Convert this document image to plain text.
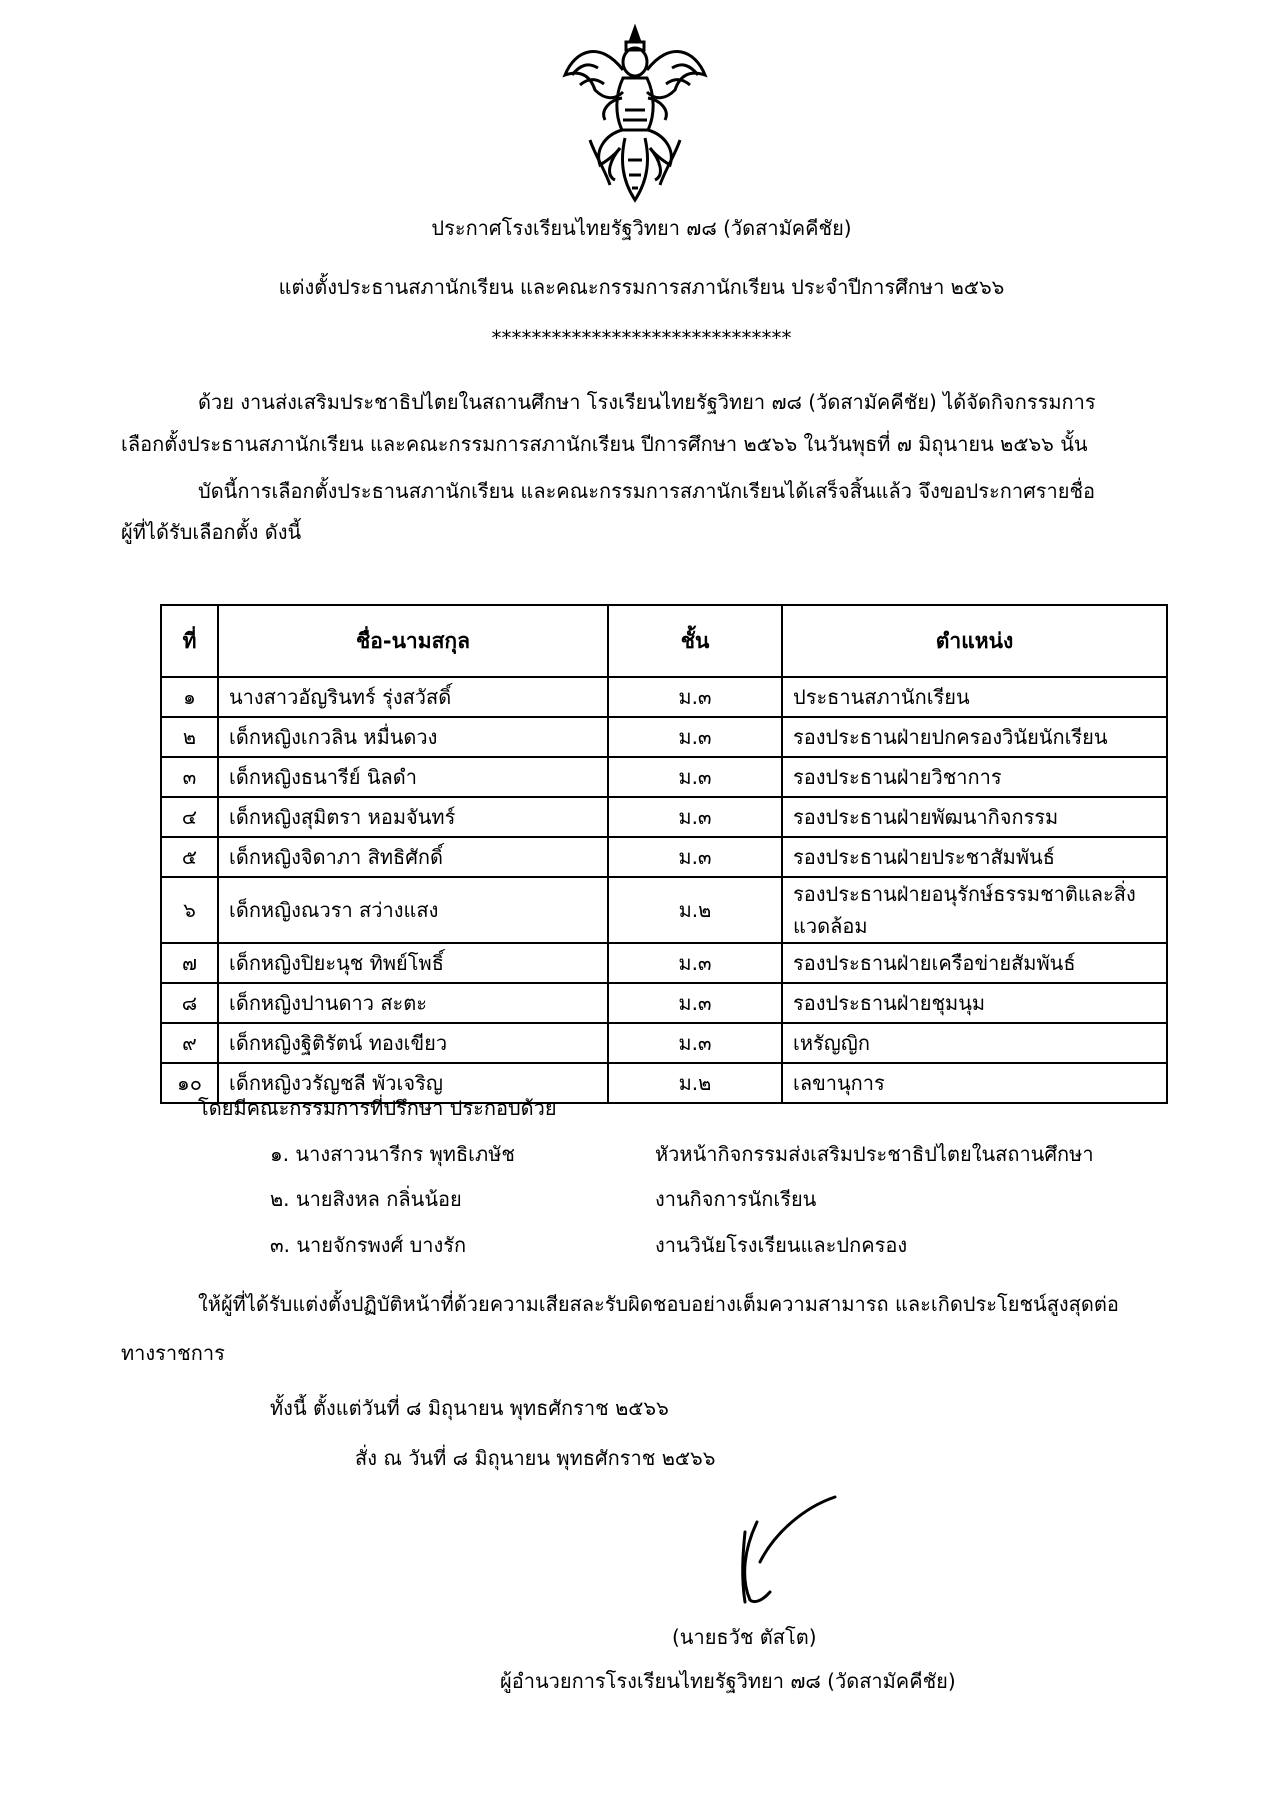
ประกาศโรงเรียนไทยรัฐวิทยา ๗๘ (วัดสามัคคีชัย)
แต่งตั้งประธานสภานักเรียน และคณะกรรมการสภานักเรียน ประจำปีการศึกษา ๒๕๖๖
******************************
ด้วย งานส่งเสริมประชาธิปไตยในสถานศึกษา โรงเรียนไทยรัฐวิทยา ๗๘ (วัดสามัคคีชัย) ได้จัดกิจกรรมการ
เลือกตั้งประธานสภานักเรียน และคณะกรรมการสภานักเรียน ปีการศึกษา ๒๕๖๖ ในวันพุธที่ ๗ มิถุนายน ๒๕๖๖ นั้น
บัดนี้การเลือกตั้งประธานสภานักเรียน และคณะกรรมการสภานักเรียนได้เสร็จสิ้นแล้ว จึงขอประกาศรายชื่อ
ผู้ที่ได้รับเลือกตั้ง ดังนี้
ที่	ชื่อ-นามสกุล	ชั้น	ตำแหน่ง
๑	นางสาวอัญรินทร์ รุ่งสวัสดิ์	ม.๓	ประธานสภานักเรียน
๒	เด็กหญิงเกวลิน หมื่นดวง	ม.๓	รองประธานฝ่ายปกครองวินัยนักเรียน
๓	เด็กหญิงธนารีย์ นิลดำ	ม.๓	รองประธานฝ่ายวิชาการ
๔	เด็กหญิงสุมิตรา หอมจันทร์	ม.๓	รองประธานฝ่ายพัฒนากิจกรรม
๕	เด็กหญิงจิดาภา สิทธิศักดิ์	ม.๓	รองประธานฝ่ายประชาสัมพันธ์
๖	เด็กหญิงณวรา สว่างแสง	ม.๒	รองประธานฝ่ายอนุรักษ์ธรรมชาติและสิ่งแวดล้อม
๗	เด็กหญิงปิยะนุช ทิพย์โพธิ์	ม.๓	รองประธานฝ่ายเครือข่ายสัมพันธ์
๘	เด็กหญิงปานดาว สะตะ	ม.๓	รองประธานฝ่ายชุมนุม
๙	เด็กหญิงฐิติรัตน์ ทองเขียว	ม.๓	เหรัญญิก
๑๐	เด็กหญิงวรัญชลี พัวเจริญ	ม.๒	เลขานุการ
โดยมีคณะกรรมการที่ปรึกษา ประกอบด้วย
๑. นางสาวนารีกร พุทธิเภษัช	หัวหน้ากิจกรรมส่งเสริมประชาธิปไตยในสถานศึกษา
๒. นายสิงหล กลิ่นน้อย	งานกิจการนักเรียน
๓. นายจักรพงศ์ บางรัก	งานวินัยโรงเรียนและปกครอง
ให้ผู้ที่ได้รับแต่งตั้งปฏิบัติหน้าที่ด้วยความเสียสละรับผิดชอบอย่างเต็มความสามารถ และเกิดประโยชน์สูงสุดต่อ
ทางราชการ
ทั้งนี้ ตั้งแต่วันที่ ๘ มิถุนายน พุทธศักราช ๒๕๖๖
สั่ง ณ วันที่ ๘ มิถุนายน พุทธศักราช ๒๕๖๖
(นายธวัช ตัสโต)
ผู้อำนวยการโรงเรียนไทยรัฐวิทยา ๗๘ (วัดสามัคคีชัย)
